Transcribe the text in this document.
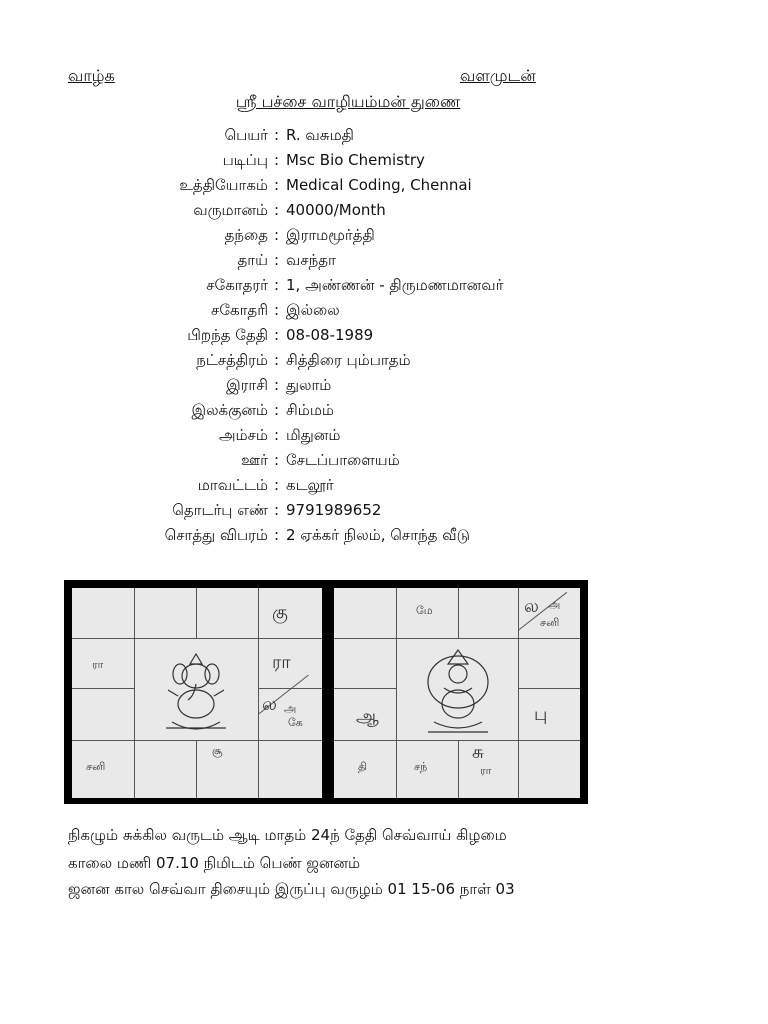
வாழ்க	வளமுடன்
ஸ்ரீ பச்சை வாழியம்மன் துணை
பெயர் : R. வசுமதி
படிப்பு : Msc Bio Chemistry
உத்தியோகம் : Medical Coding, Chennai
வருமானம் : 40000/Month
தந்தை : இராமமூர்த்தி
தாய் : வசந்தா
சகோதரர் : 1, அண்ணன் - திருமணமானவர்
சகோதரி : இல்லை
பிறந்த தேதி : 08-08-1989
நட்சத்திரம் : சித்திரை பும்பாதம்
இராசி : துலாம்
இலக்குனம் : சிம்மம்
அம்சம் : மிதுனம்
ஊர் : சேடப்பாளையம்
மாவட்டம் : கடலூர்
தொடர்பு எண் : 9791989652
சொத்து விபரம் : 2 ஏக்கர் நிலம், சொந்த வீடு
கு
ரா	ரா
ல அ
கே
சூ
சனி
மே	ல அ
சனி
ஆ	பு
தி	சந்
சு
ரா
நிகழும் சுக்கில வருடம் ஆடி மாதம் 24ந் தேதி செவ்வாய் கிழமை
காலை மணி 07.10 நிமிடம் பெண் ஜனனம்
ஜனன கால செவ்வா திசையும் இருப்பு வருழம் 01 15-06 நாள் 03
